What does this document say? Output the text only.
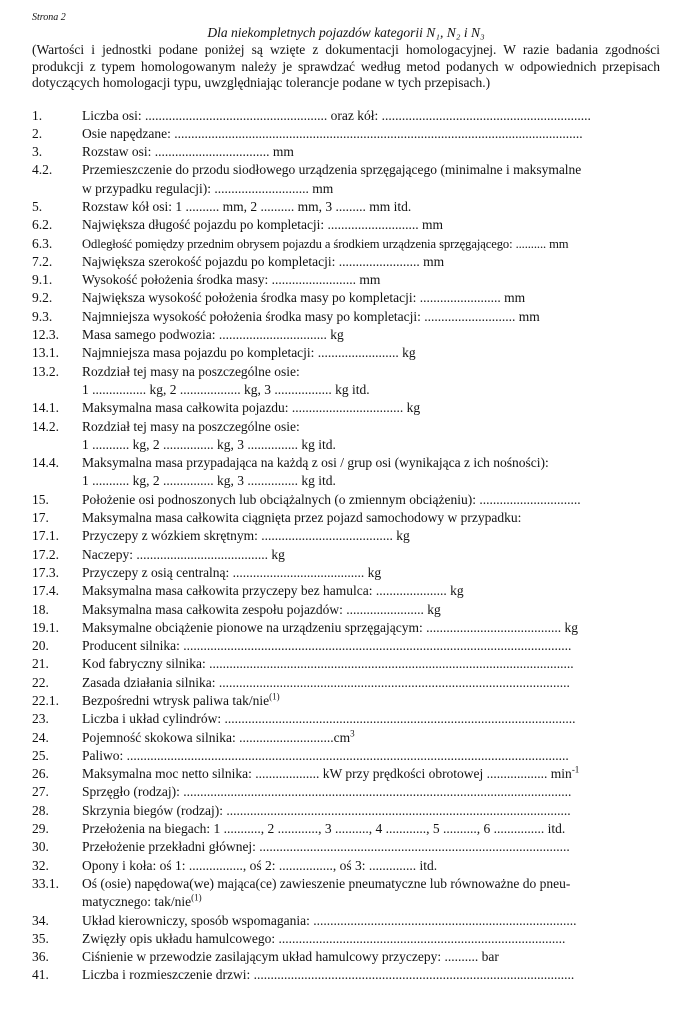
Strona 2
Dla niekompletnych pojazdów kategorii N₁, N₂ i N₃
(Wartości i jednostki podane poniżej są wzięte z dokumentacji homologacyjnej. W razie badania zgodności produkcji z typem homologowanym należy je sprawdzać według metod podanych w odpowiednich przepisach dotyczących homologacji typu, uwzględniając tolerancje podane w tych przepisach.)
1.	Liczba osi: ...................................................... oraz kół: ..............................................................
2.	Osie napędzane: .........................................................................................................................
3.	Rozstaw osi: .................................. mm
4.2.	Przemieszczenie do przodu siodłowego urządzenia sprzęgającego (minimalne i maksymalne
w przypadku regulacji): ............................ mm
5.	Rozstaw kół osi: 1 .......... mm, 2 .......... mm, 3 ......... mm itd.
6.2.	Największa długość pojazdu po kompletacji: ........................... mm
6.3.	Odległość pomiędzy przednim obrysem pojazdu a środkiem urządzenia sprzęgającego: .......... mm
7.2.	Największa szerokość pojazdu po kompletacji: ........................ mm
9.1.	Wysokość położenia środka masy: ......................... mm
9.2.	Największa wysokość położenia środka masy po kompletacji: ........................ mm
9.3.	Najmniejsza wysokość położenia środka masy po kompletacji: ........................... mm
12.3.	Masa samego podwozia: ................................ kg
13.1.	Najmniejsza masa pojazdu po kompletacji: ........................ kg
13.2.	Rozdział tej masy na poszczególne osie:
1 ................ kg, 2 .................. kg, 3 ................. kg itd.
14.1.	Maksymalna masa całkowita pojazdu: ................................. kg
14.2.	Rozdział tej masy na poszczególne osie:
1 ........... kg, 2 ............... kg, 3 ............... kg itd.
14.4.	Maksymalna masa przypadająca na każdą z osi / grup osi (wynikająca z ich nośności):
1 ........... kg, 2 ............... kg, 3 ............... kg itd.
15.	Położenie osi podnoszonych lub obciążalnych (o zmiennym obciążeniu): ..............................
17.	Maksymalna masa całkowita ciągnięta przez pojazd samochodowy w przypadku:
17.1.	Przyczepy z wózkiem skrętnym: ....................................... kg
17.2.	Naczepy: ....................................... kg
17.3.	Przyczepy z osią centralną: ....................................... kg
17.4.	Maksymalna masa całkowita przyczepy bez hamulca: ..................... kg
18.	Maksymalna masa całkowita zespołu pojazdów: ....................... kg
19.1.	Maksymalne obciążenie pionowe na urządzeniu sprzęgającym: ........................................ kg
20.	Producent silnika: ...................................................................................................................
21.	Kod fabryczny silnika: ............................................................................................................
22.	Zasada działania silnika: ........................................................................................................
22.1.	Bezpośredni wtrysk paliwa tak/nie$^{(1)}$
23.	Liczba i układ cylindrów: ........................................................................................................
24.	Pojemność skokowa silnika: $............................cm^3$
25.	Paliwo: ...................................................................................................................................
26.	Maksymalna moc netto silnika: ................... kW przy prędkości obrotowej .................. $\min^{-1}$
27.	Sprzęgło (rodzaj): ...................................................................................................................
28.	Skrzynia biegów (rodzaj): ......................................................................................................
29.	Przełożenia na biegach: 1 ..........., 2 ............, 3 .........., 4 ............, 5 .........., 6 ............... itd.
30.	Przełożenie przekładni głównej: ............................................................................................
32.	Opony i koła: oś 1: ................, oś 2: ................, oś 3: .............. itd.
33.1.	Oś (osie) napędowa(we) mająca(ce) zawieszenie pneumatyczne lub równoważne do pneu-
matycznego: tak/nie$^{(1)}$
34.	Układ kierowniczy, sposób wspomagania: ..............................................................................
35.	Zwięzły opis układu hamulcowego: .....................................................................................
36.	Ciśnienie w przewodzie zasilającym układ hamulcowy przyczepy: .......... bar
41.	Liczba i rozmieszczenie drzwi: ...............................................................................................
